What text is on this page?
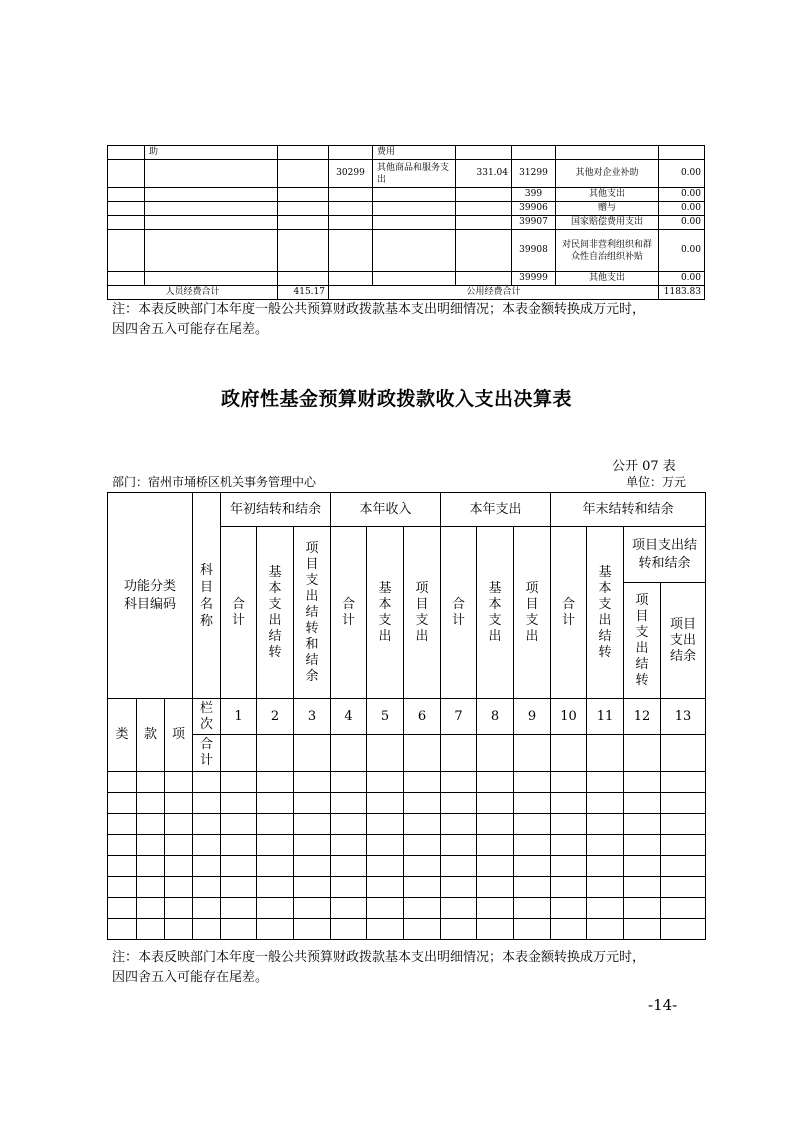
	助			费用				
			30299	其他商品和服务支出	331.04	31299	其他对企业补助	0.00
						399	其他支出	0.00
						39906	赠与	0.00
						39907	国家赔偿费用支出	0.00
						39908	对民间非营利组织和群众性自治组织补贴	0.00
						39999	其他支出	0.00
人员经费合计		415.17	公用经费合计					1183.83
注：本表反映部门本年度一般公共预算财政拨款基本支出明细情况；本表金额转换成万元时，
因四舍五入可能存在尾差。
政府性基金预算财政拨款收入支出决算表
公开 07 表
部门：宿州市埇桥区机关事务管理中心	单位：万元
功能分类科目编码			科目名称	年初结转和结余			本年收入			本年支出			年末结转和结余			
				合计	基本支出结转	项目支出结转和结余	合计	基本支出	项目支出	合计	基本支出	项目支出	合计	基本支出结转	项目支出结转和结余	
															项目支出结转	项目支出结余
类	款	项	栏次	1	2	3	4	5	6	7	8	9	10	11	12	13
			合计													

注：本表反映部门本年度一般公共预算财政拨款基本支出明细情况；本表金额转换成万元时，
因四舍五入可能存在尾差。
-14-
